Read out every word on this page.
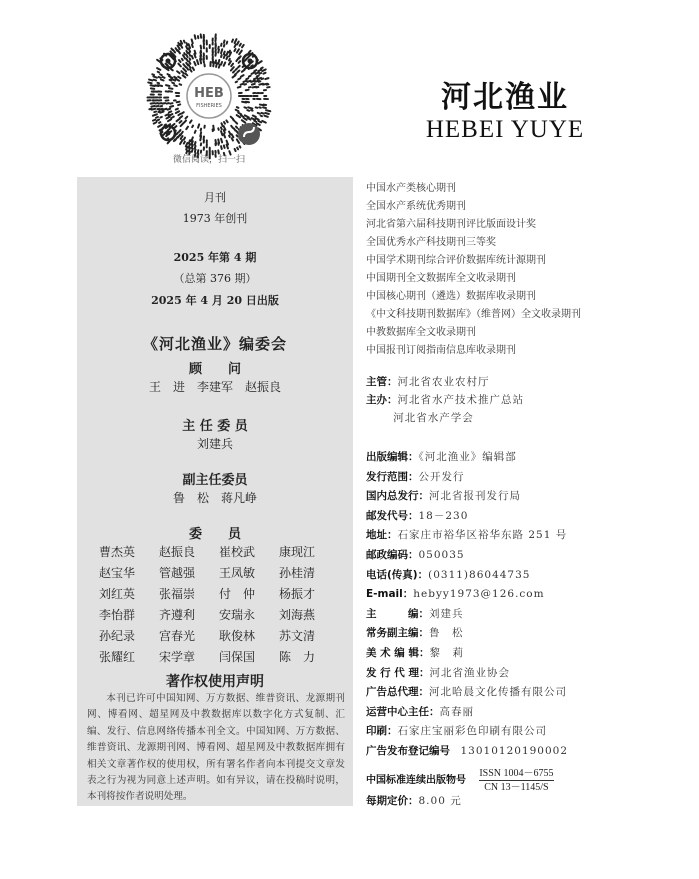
HEB
FISHERIES
微信阅读，扫一扫
河北渔业
HEBEI YUYE
月刊
1973 年创刊
2025 年第 4 期
（总第 376 期）
2025 年 4 月 20 日出版
《河北渔业》编委会
顾　　问
王　进　李建军　赵振良
主 任 委 员
刘建兵
副主任委员
鲁　松　蒋凡峥
委　　员
曹杰英	赵振良	崔校武	康现江
赵宝华	管越强	王凤敏	孙桂清
刘红英	张福崇	付　仲	杨振才
李怡群	齐遵利	安瑞永	刘海燕
孙纪录	宫春光	耿俊林	苏文清
张耀红	宋学章	闫保国	陈　力
著作权使用声明
本刊已许可中国知网、万方数据、维普资讯、龙源期刊网、博看网、超星网及中教数据库以数字化方式复制、汇编、发行、信息网络传播本刊全文。中国知网、万方数据、维普资讯、龙源期刊网、博看网、超星网及中教数据库拥有相关文章著作权的使用权，所有署名作者向本刊提交文章发表之行为视为同意上述声明。如有异议，请在投稿时说明，本刊将按作者说明处理。
中国水产类核心期刊
全国水产系统优秀期刊
河北省第六届科技期刊评比版面设计奖
全国优秀水产科技期刊三等奖
中国学术期刊综合评价数据库统计源期刊
中国期刊全文数据库全文收录期刊
中国核心期刊（遴选）数据库收录期刊
《中文科技期刊数据库》（维普网）全文收录期刊
中教数据库全文收录期刊
中国报刊订阅指南信息库收录期刊
主管：河北省农业农村厅
主办：河北省水产技术推广总站
河北省水产学会
出版编辑：《河北渔业》编辑部
发行范围：公开发行
国内总发行：河北省报刊发行局
邮发代号：18－230
地址：石家庄市裕华区裕华东路 251 号
邮政编码：050035
电话(传真)：(0311)86044735
E-mail：hebyy1973@126.com
主　　　编：刘建兵
常务副主编：鲁　松
美 术 编 辑：黎　莉
发 行 代 理：河北省渔业协会
广告总代理：河北哈晨文化传播有限公司
运营中心主任：高春丽
印刷：石家庄宝丽彩色印刷有限公司
广告发布登记编号　13010120190002
中国标准连续出版物号 $\frac{\text{ISSN 1004－6755}}{CN 13-1145/S}$
每期定价：8.00 元
